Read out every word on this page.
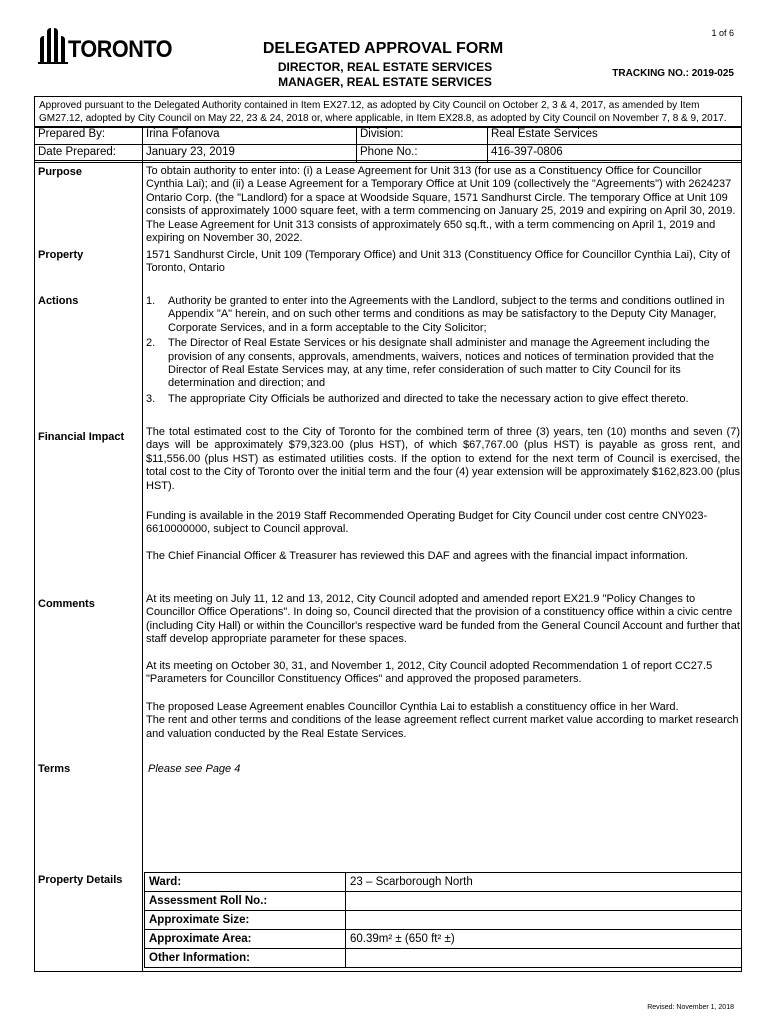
1 of 6
TORONTO	DELEGATED APPROVAL FORM
DIRECTOR, REAL ESTATE SERVICES
MANAGER, REAL ESTATE SERVICES
TRACKING NO.: 2019-025
Approved pursuant to the Delegated Authority contained in Item EX27.12, as adopted by City Council on October 2, 3 & 4, 2017, as amended by Item
GM27.12, adopted by City Council on May 22, 23 & 24, 2018 or, where applicable, in Item EX28.8, as adopted by City Council on November 7, 8 & 9, 2017.
Prepared By:	Irina Fofanova	Division:	Real Estate Services
Date Prepared:	January 23, 2019	Phone No.:	416-397-0806
Purpose	To obtain authority to enter into: (i) a Lease Agreement for Unit 313 (for use as a Constituency Office for Councillor Cynthia Lai); and (ii) a Lease Agreement for a Temporary Office at Unit 109 (collectively the "Agreements") with 2624237 Ontario Corp. (the "Landlord) for a space at Woodside Square, 1571 Sandhurst Circle. The temporary Office at Unit 109 consists of approximately 1000 square feet, with a term commencing on January 25, 2019 and expiring on April 30, 2019. The Lease Agreement for Unit 313 consists of approximately 650 sq.ft., with a term commencing on April 1, 2019 and expiring on November 30, 2022.
Property	1571 Sandhurst Circle, Unit 109 (Temporary Office) and Unit 313 (Constituency Office for Councillor Cynthia Lai), City of Toronto, Ontario
Actions	1. Authority be granted to enter into the Agreements with the Landlord, subject to the terms and conditions outlined in Appendix "A" herein, and on such other terms and conditions as may be satisfactory to the Deputy City Manager, Corporate Services, and in a form acceptable to the City Solicitor;
2. The Director of Real Estate Services or his designate shall administer and manage the Agreement including the provision of any consents, approvals, amendments, waivers, notices and notices of termination provided that the Director of Real Estate Services may, at any time, refer consideration of such matter to City Council for its determination and direction; and
3. The appropriate City Officials be authorized and directed to take the necessary action to give effect thereto.
Financial Impact The total estimated cost to the City of Toronto for the combined term of three (3) years, ten (10) months and seven (7) days will be approximately $79,323.00 (plus HST), of which $67,767.00 (plus HST) is payable as gross rent, and $11,556.00 (plus HST) as estimated utilities costs. If the option to extend for the next term of Council is exercised, the total cost to the City of Toronto over the initial term and the four (4) year extension will be approximately $162,823.00 (plus HST).
Funding is available in the 2019 Staff Recommended Operating Budget for City Council under cost centre CNY023-6610000000, subject to Council approval.
The Chief Financial Officer & Treasurer has reviewed this DAF and agrees with the financial impact information.
Comments	At its meeting on July 11, 12 and 13, 2012, City Council adopted and amended report EX21.9 "Policy Changes to Councillor Office Operations". In doing so, Council directed that the provision of a constituency office within a civic centre (including City Hall) or within the Councillor's respective ward be funded from the General Council Account and further that staff develop appropriate parameter for these spaces.
At its meeting on October 30, 31, and November 1, 2012, City Council adopted Recommendation 1 of report CC27.5 "Parameters for Councillor Constituency Offices" and approved the proposed parameters.

The proposed Lease Agreement enables Councillor Cynthia Lai to establish a constituency office in her Ward.

The rent and other terms and conditions of the lease agreement reflect current market value according to market research and valuation conducted by the Real Estate Services.

Terms	Please see Page 4
Property Details Ward:	23 – Scarborough North
Assessment Roll No.:	
Approximate Size:	
Approximate Area:	60.39m² ± (650 ft² ±)
Other Information:	
Revised: November 1, 2018
